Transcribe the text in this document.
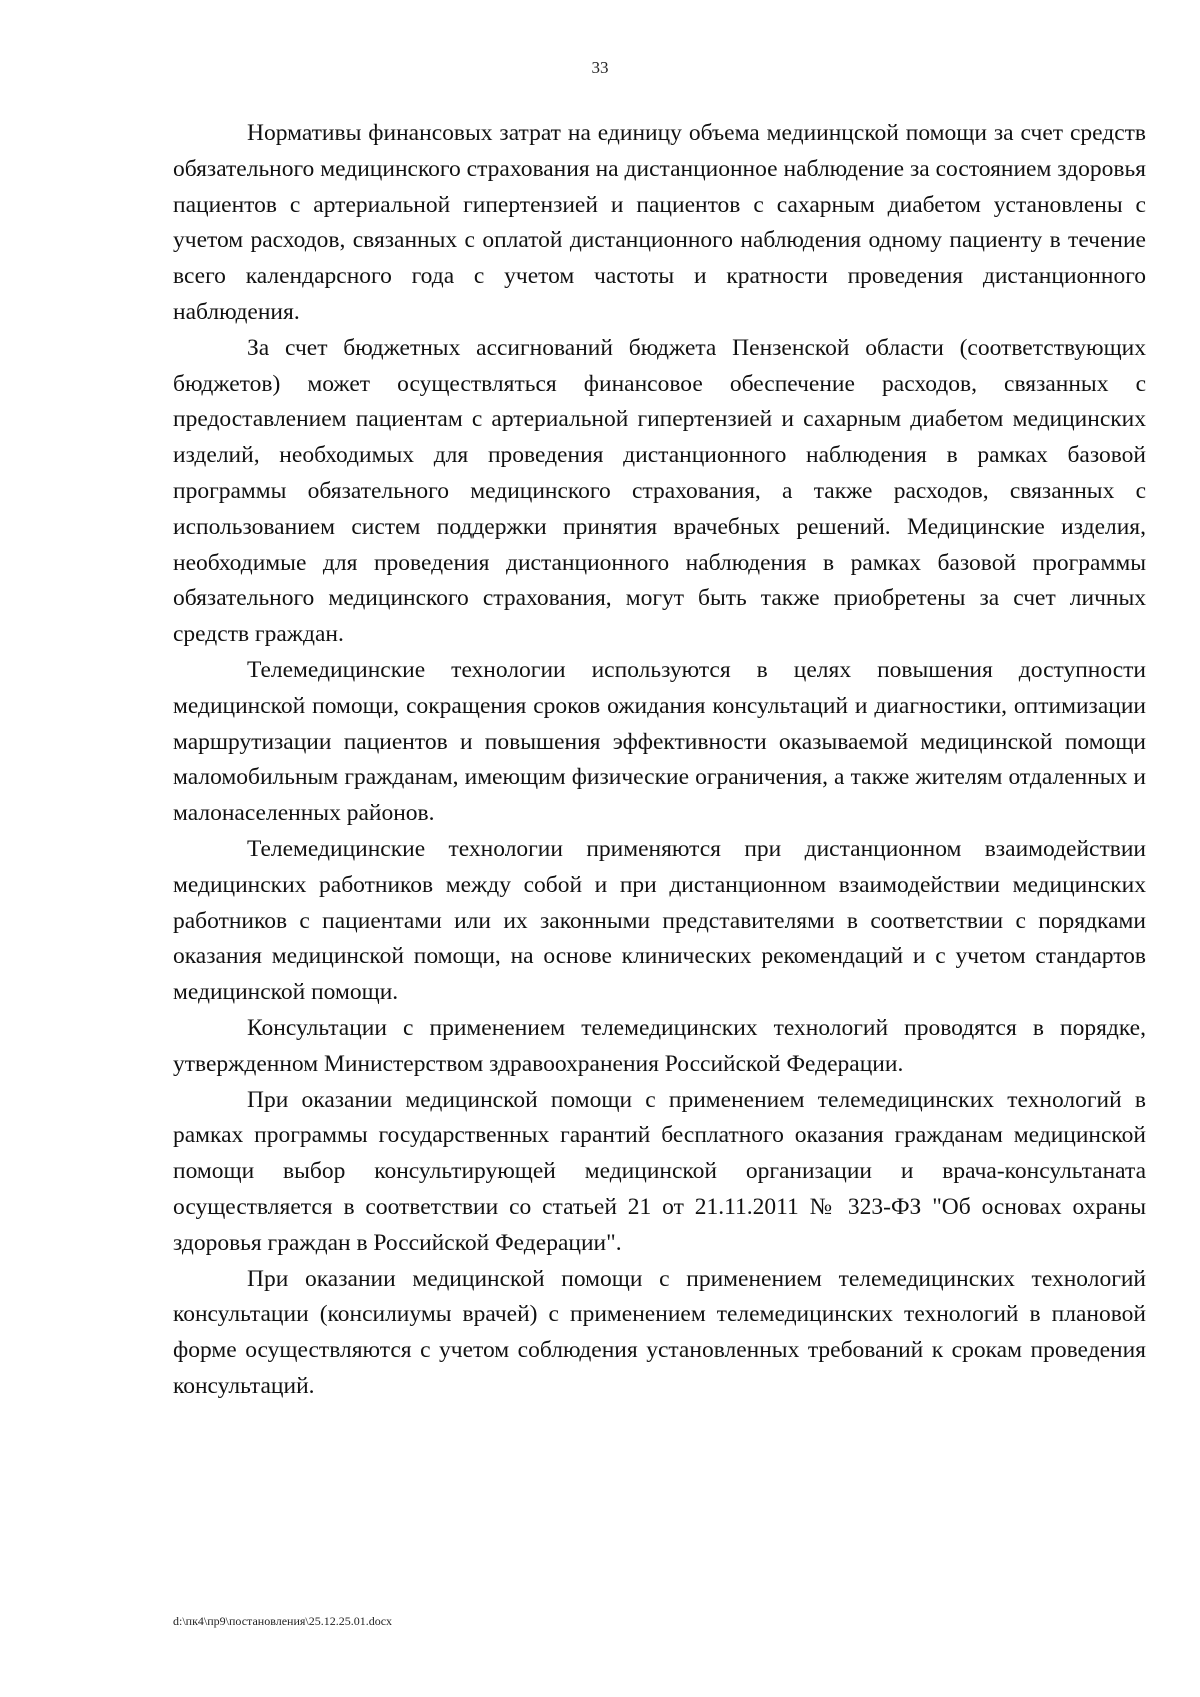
33

Нормативы финансовых затрат на единицу объема медиинцской помощи за счет средств обязательного медицинского страхования на дистанционное наблюдение за состоянием здоровья пациентов с артериальной гипертензией и пациентов с сахарным диабетом установлены с учетом расходов, связанных с оплатой дистанционного наблюдения одному пациенту в течение всего календарсного года с учетом частоты и кратности проведения дистанционного наблюдения.

За счет бюджетных ассигнований бюджета Пензенской области (соответствующих бюджетов) может осуществляться финансовое обеспечение расходов, связанных с предоставлением пациентам с артериальной гипертензией и сахарным диабетом медицинских изделий, необходимых для проведения дистанционного наблюдения в рамках базовой программы обязательного медицинского страхования, а также расходов, связанных с использованием систем поддержки принятия врачебных решений. Медицинские изделия, необходимые для проведения дистанционного наблюдения в рамках базовой программы обязательного медицинского страхования, могут быть также приобретены за счет личных средств граждан.

Телемедицинские технологии используются в целях повышения доступности медицинской помощи, сокращения сроков ожидания консультаций и диагностики, оптимизации маршрутизации пациентов и повышения эффективности оказываемой медицинской помощи маломобильным гражданам, имеющим физические ограничения, а также жителям отдаленных и малонаселенных районов.

Телемедицинские технологии применяются при дистанционном взаимодействии медицинских работников между собой и при дистанционном взаимодействии медицинских работников с пациентами или их законными представителями в соответствии с порядками оказания медицинской помощи, на основе клинических рекомендаций и с учетом стандартов медицинской помощи.

Консультации с применением телемедицинских технологий проводятся в порядке, утвержденном Министерством здравоохранения Российской Федерации.

При оказании медицинской помощи с применением телемедицинских технологий в рамках программы государственных гарантий бесплатного оказания гражданам медицинской помощи выбор консультирующей медицинской организации и врача-консультаната осуществляется в соответствии со статьей 21 от 21.11.2011 № 323-ФЗ "Об основах охраны здоровья граждан в Российской Федерации".

При оказании медицинской помощи с применением телемедицинских технологий консультации (консилиумы врачей) с применением телемедицинских технологий в плановой форме осуществляются с учетом соблюдения установленных требований к срокам проведения консультаций.

d:\пк4\пр9\постановления\25.12.25.01.docx
